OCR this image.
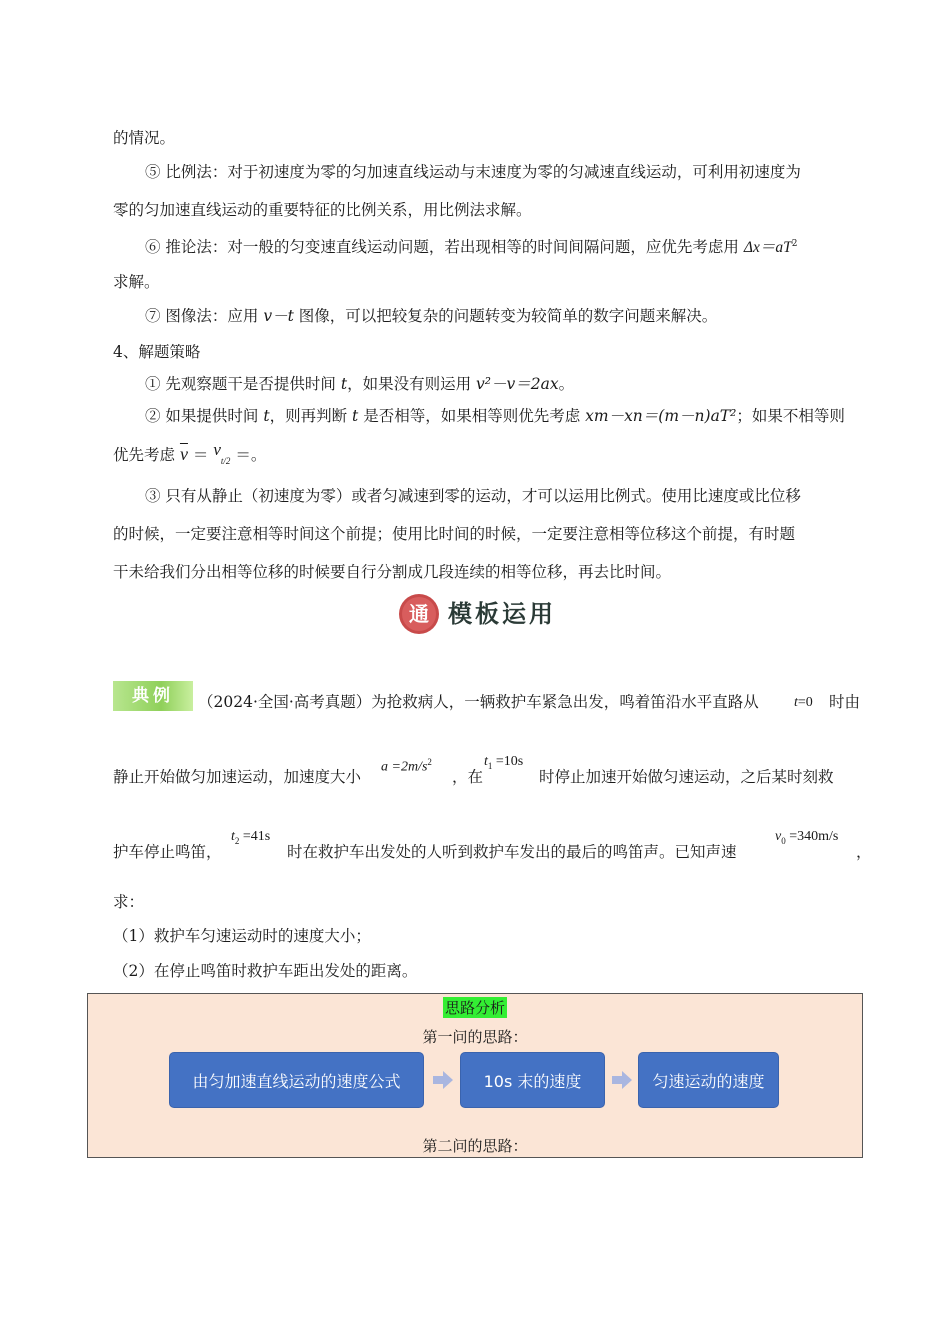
的情况。
⑤ 比例法：对于初速度为零的匀加速直线运动与末速度为零的匀减速直线运动，可利用初速度为
零的匀加速直线运动的重要特征的比例关系，用比例法求解。
⑥ 推论法：对一般的匀变速直线运动问题，若出现相等的时间间隔问题，应优先考虑用 $\Delta x=aT^2$
求解。
⑦ 图像法：应用 v－t 图像，可以把较复杂的问题转变为较简单的数字问题来解决。
4、解题策略
① 先观察题干是否提供时间 t，如果没有则运用 v²－v＝2ax。
② 如果提供时间 t，则再判断 t 是否相等，如果相等则优先考虑 xm－xn＝(m－n)aT²；如果不相等则
优先考虑 $\overline{v} = v_{t/2}$ ＝。
③ 只有从静止（初速度为零）或者匀减速到零的运动，才可以运用比例式。使用比速度或比位移
的时候，一定要注意相等时间这个前提；使用比时间的时候，一定要注意相等位移这个前提，有时题
干未给我们分出相等位移的时候要自行分割成几段连续的相等位移，再去比时间。
通 模板运用
典例	（2024·全国·高考真题）为抢救病人，一辆救护车紧急出发，鸣着笛沿水平直路从	t=0 时由
静止开始做匀加速运动，加速度大小
$a =2m/s^2$
，在
$t_1 =10s$
时停止加速开始做匀速运动，之后某时刻救
护车停止鸣笛，
$t_2 =41s$
时在救护车出发处的人听到救护车发出的最后的鸣笛声。已知声速
$v_0 =340m/s$
，
求：
（1）救护车匀速运动时的速度大小；
（2）在停止鸣笛时救护车距出发处的距离。
思路分析
第一问的思路：
由匀加速直线运动的速度公式	10s 末的速度	匀速运动的速度
第二问的思路：
